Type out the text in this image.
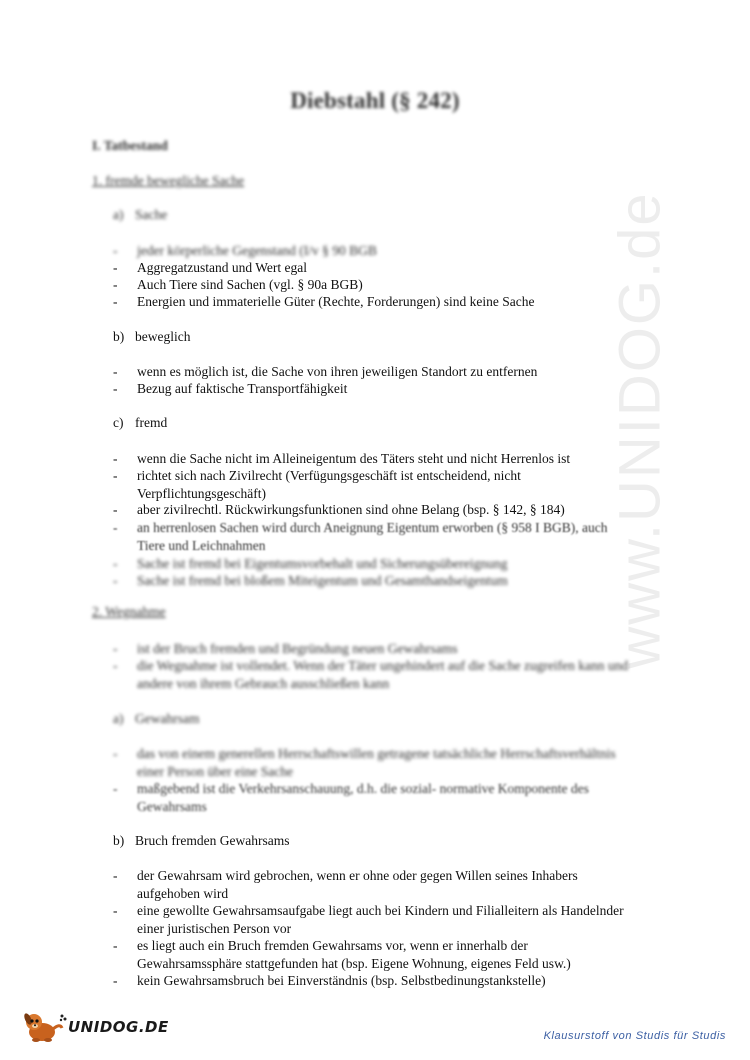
www.UNIDOG.de
Diebstahl (§ 242)
I. Tatbestand
1. fremde bewegliche Sache
a) Sache
- jeder körperliche Gegenstand (I/v § 90 BGB
- Aggregatzustand und Wert egal
- Auch Tiere sind Sachen (vgl. § 90a BGB)
- Energien und immaterielle Güter (Rechte, Forderungen) sind keine Sache
b) beweglich
- wenn es möglich ist, die Sache von ihren jeweiligen Standort zu entfernen
- Bezug auf faktische Transportfähigkeit
c) fremd
- wenn die Sache nicht im Alleineigentum des Täters steht und nicht Herrenlos ist
- richtet sich nach Zivilrecht (Verfügungsgeschäft ist entscheidend, nicht Verpflichtungsgeschäft)
- aber zivilrechtl. Rückwirkungsfunktionen sind ohne Belang (bsp. § 142, § 184)
- an herrenlosen Sachen wird durch Aneignung Eigentum erworben (§ 958 I BGB), auch Tiere und Leichnahmen
- Sache ist fremd bei Eigentumsvorbehalt und Sicherungsübereignung
- Sache ist fremd bei bloßem Miteigentum und Gesamthandseigentum
2. Wegnahme
- ist der Bruch fremden und Begründung neuen Gewahrsams
- die Wegnahme ist vollendet. Wenn der Täter ungehindert auf die Sache zugreifen kann und andere von ihrem Gebrauch ausschließen kann
a) Gewahrsam
- das von einem generellen Herrschaftswillen getragene tatsächliche Herrschaftsverhältnis einer Person über eine Sache
- maßgebend ist die Verkehrsanschauung, d.h. die sozial- normative Komponente des Gewahrsams
b) Bruch fremden Gewahrsams
- der Gewahrsam wird gebrochen, wenn er ohne oder gegen Willen seines Inhabers aufgehoben wird
- eine gewollte Gewahrsamsaufgabe liegt auch bei Kindern und Filialleitern als Handelnder einer juristischen Person vor
- es liegt auch ein Bruch fremden Gewahrsams vor, wenn er innerhalb der Gewahrsamssphäre stattgefunden hat (bsp. Eigene Wohnung, eigenes Feld usw.)
- kein Gewahrsamsbruch bei Einverständnis (bsp. Selbstbedinungstankstelle)
UNIDOG.DE	Klausurstoff von Studis für Studis
